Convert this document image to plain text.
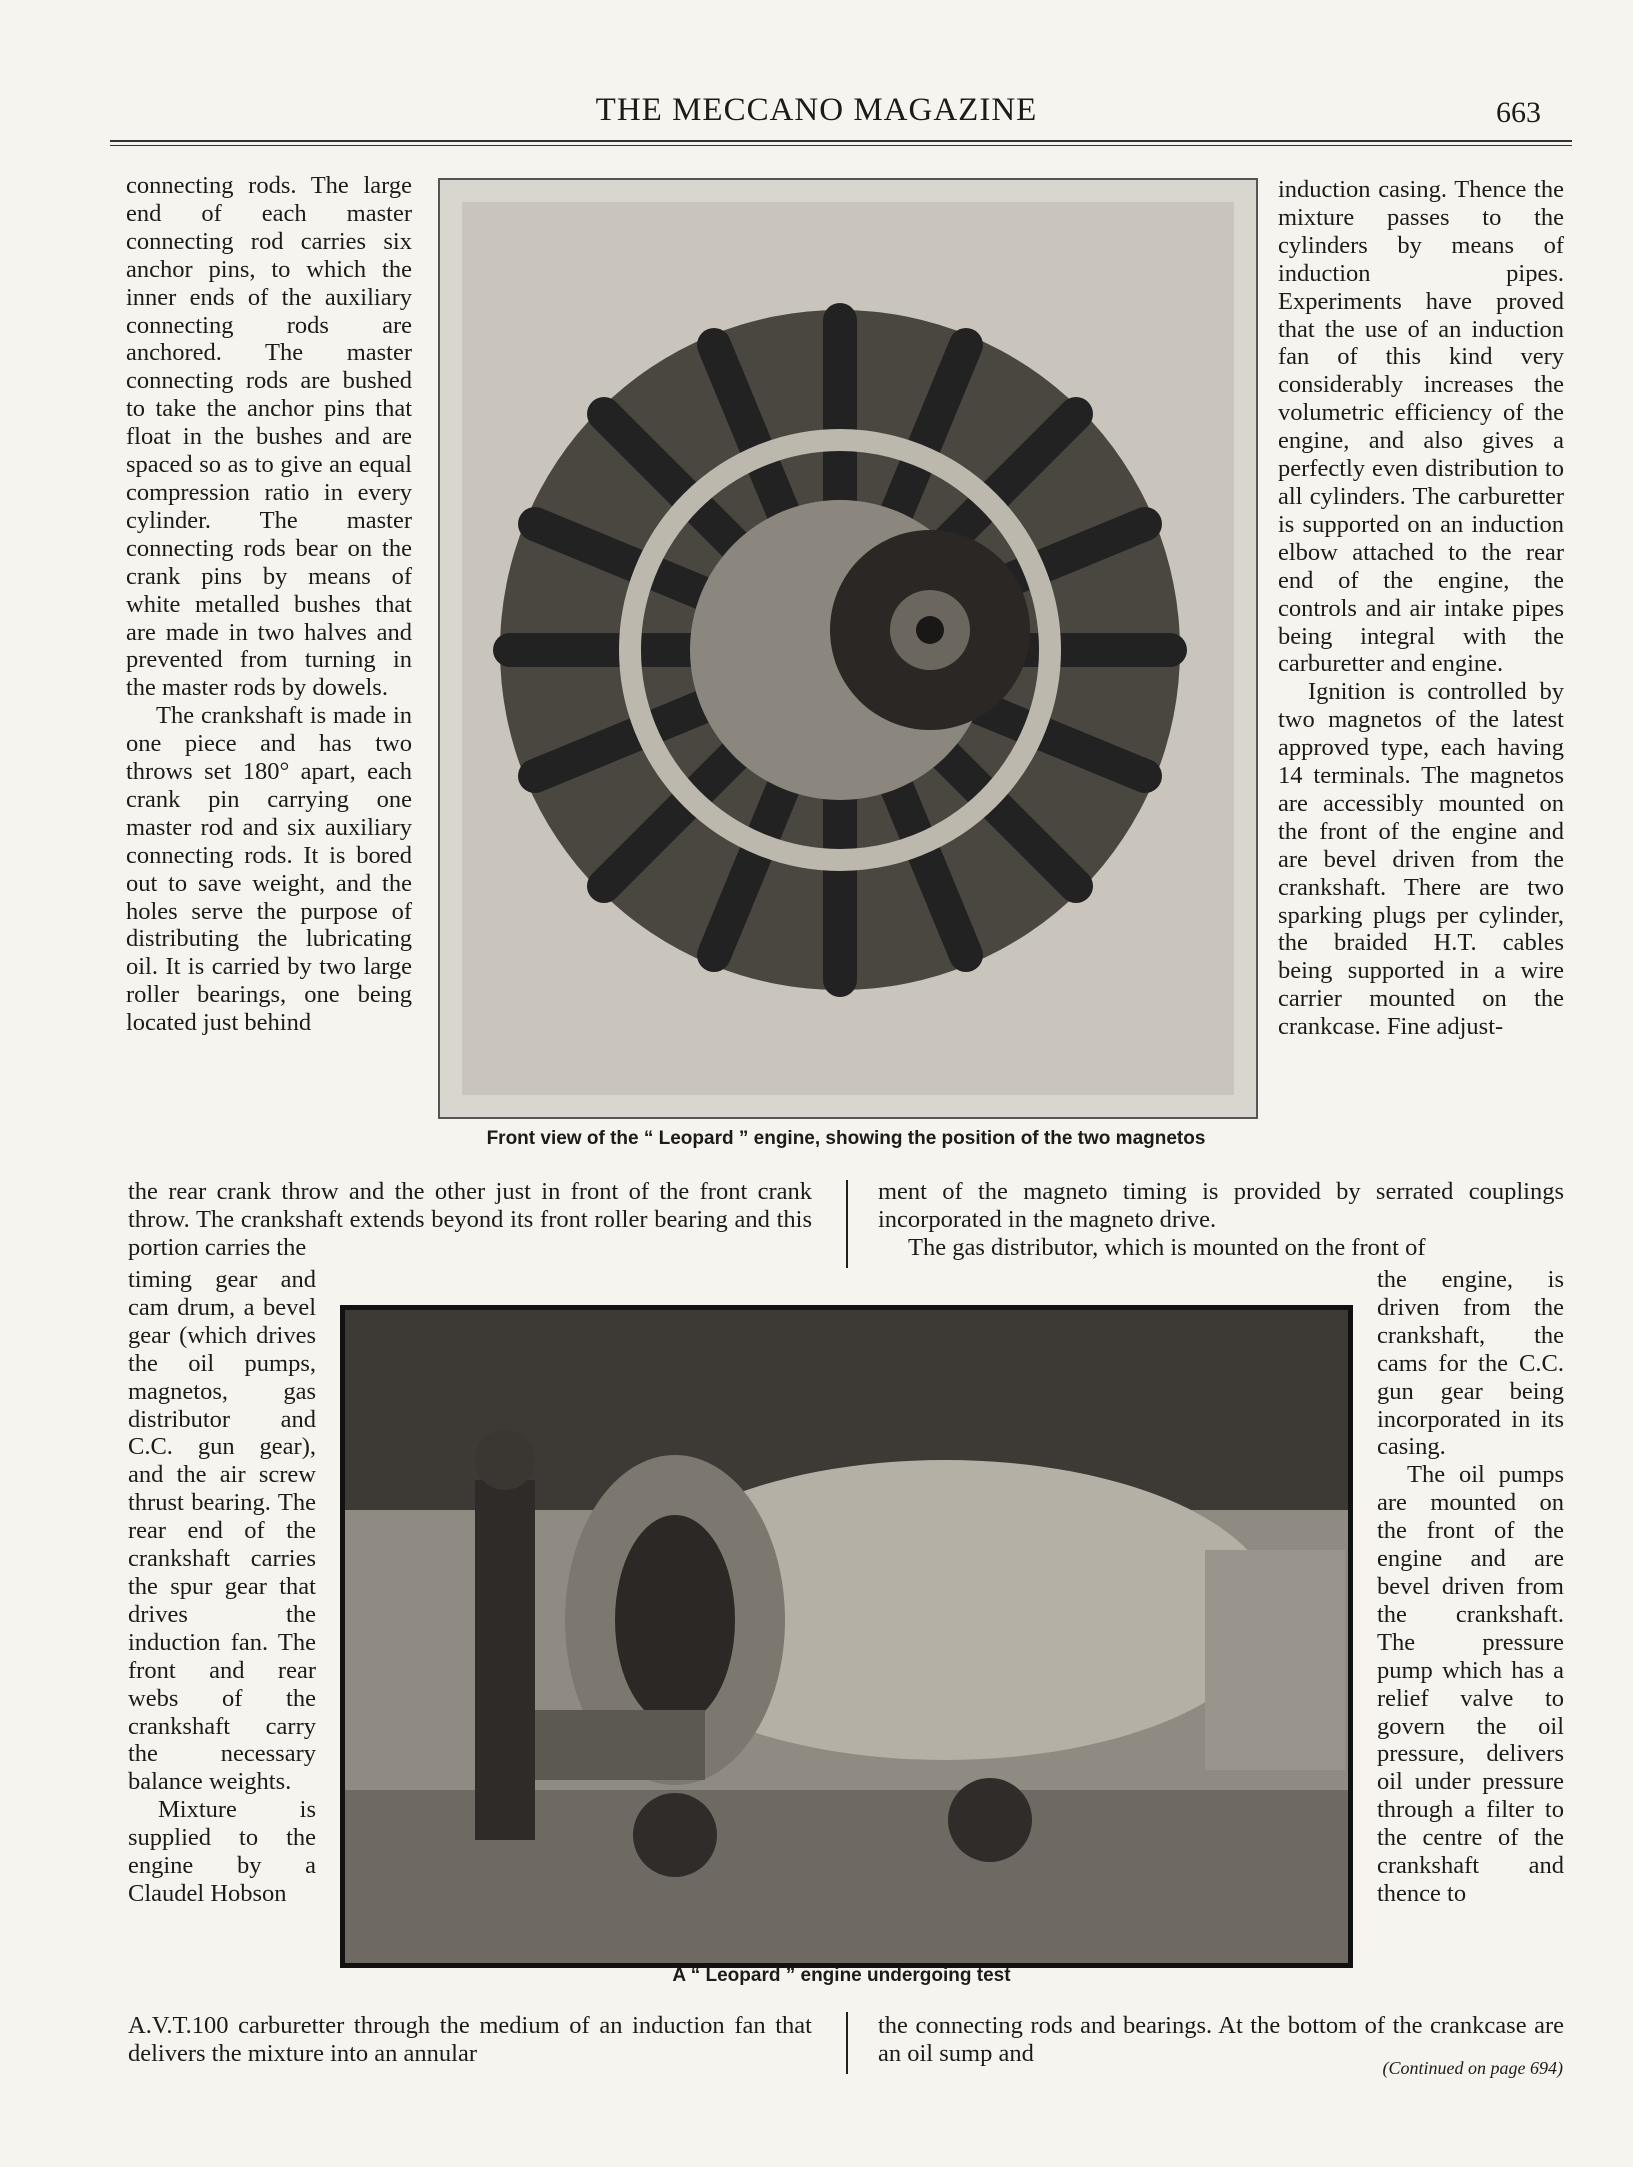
THE MECCANO MAGAZINE	663

connecting rods. The large end of each master connecting rod carries six anchor pins, to which the inner ends of the auxiliary connecting rods are anchored. The master connecting rods are bushed to take the anchor pins that float in the bushes and are spaced so as to give an equal compression ratio in every cylinder. The master connecting rods bear on the crank pins by means of white metalled bushes that are made in two halves and prevented from turning in the master rods by dowels.

The crankshaft is made in one piece and has two throws set 180° apart, each crank pin carrying one master rod and six auxiliary connecting rods. It is bored out to save weight, and the holes serve the purpose of distributing the lubricating oil. It is carried by two large roller bearings, one being located just behind

Front view of the “ Leopard ” engine, showing the position of the two magnetos

induction casing. Thence the mixture passes to the cylinders by means of induction pipes. Experiments have proved that the use of an induction fan of this kind very considerably increases the volumetric efficiency of the engine, and also gives a perfectly even distribution to all cylinders. The carburetter is supported on an induction elbow attached to the rear end of the engine, the controls and air intake pipes being integral with the carburetter and engine.

Ignition is controlled by two magnetos of the latest approved type, each having 14 terminals. The magnetos are accessibly mounted on the front of the engine and are bevel driven from the crankshaft. There are two sparking plugs per cylinder, the braided H.T. cables being supported in a wire carrier mounted on the crankcase. Fine adjust-

the rear crank throw and the other just in front of the front crank throw. The crankshaft extends beyond its front roller bearing and this portion carries the

ment of the magneto timing is provided by serrated couplings incorporated in the magneto drive.

The gas distributor, which is mounted on the front of

timing gear and cam drum, a bevel gear (which drives the oil pumps, magnetos, gas distributor and C.C. gun gear), and the air screw thrust bearing. The rear end of the crankshaft carries the spur gear that drives the induction fan. The front and rear webs of the crankshaft carry the necessary balance weights.

Mixture is supplied to the engine by a Claudel Hobson

A “ Leopard ” engine undergoing test

the engine, is driven from the crankshaft, the cams for the C.C. gun gear being incorporated in its casing.

The oil pumps are mounted on the front of the engine and are bevel driven from the crankshaft. The pressure pump which has a relief valve to govern the oil pressure, delivers oil under pressure through a filter to the centre of the crankshaft and thence to

A.V.T.100 carburetter through the medium of an induction fan that delivers the mixture into an annular

the connecting rods and bearings. At the bottom of the crankcase are an oil sump and

(Continued on page 694)
